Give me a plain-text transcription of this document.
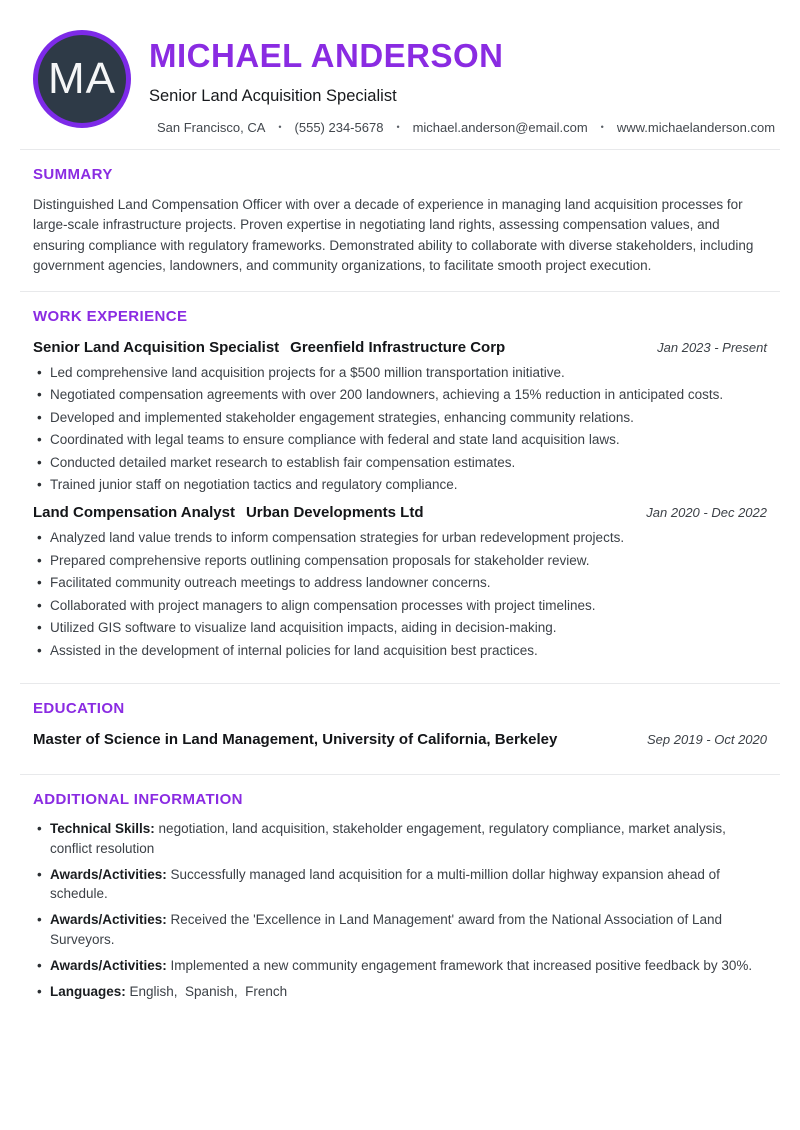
MA MICHAEL ANDERSON
Senior Land Acquisition Specialist
San Francisco, CA • (555) 234-5678 • michael.anderson@email.com • www.michaelanderson.com
SUMMARY

Distinguished Land Compensation Officer with over a decade of experience in managing land acquisition processes for large-scale infrastructure projects. Proven expertise in negotiating land rights, assessing compensation values, and ensuring compliance with regulatory frameworks. Demonstrated ability to collaborate with diverse stakeholders, including government agencies, landowners, and community organizations, to facilitate smooth project execution.

WORK EXPERIENCE
Senior Land Acquisition Specialist Greenfield Infrastructure Corp	Jan 2023 - Present
• Led comprehensive land acquisition projects for a $500 million transportation initiative.
• Negotiated compensation agreements with over 200 landowners, achieving a 15% reduction in anticipated costs.
• Developed and implemented stakeholder engagement strategies, enhancing community relations.
• Coordinated with legal teams to ensure compliance with federal and state land acquisition laws.
• Conducted detailed market research to establish fair compensation estimates.
• Trained junior staff on negotiation tactics and regulatory compliance.
Land Compensation Analyst Urban Developments Ltd	Jan 2020 - Dec 2022
• Analyzed land value trends to inform compensation strategies for urban redevelopment projects.
• Prepared comprehensive reports outlining compensation proposals for stakeholder review.
• Facilitated community outreach meetings to address landowner concerns.
• Collaborated with project managers to align compensation processes with project timelines.
• Utilized GIS software to visualize land acquisition impacts, aiding in decision-making.
• Assisted in the development of internal policies for land acquisition best practices.
EDUCATION
Master of Science in Land Management, University of California, Berkeley	Sep 2019 - Oct 2020
ADDITIONAL INFORMATION
• Technical Skills: negotiation, land acquisition, stakeholder engagement, regulatory compliance, market analysis, conflict resolution
• Awards/Activities: Successfully managed land acquisition for a multi-million dollar highway expansion ahead of schedule.
• Awards/Activities: Received the 'Excellence in Land Management' award from the National Association of Land Surveyors.
• Awards/Activities: Implemented a new community engagement framework that increased positive feedback by 30%.
• Languages: English,  Spanish,  French
